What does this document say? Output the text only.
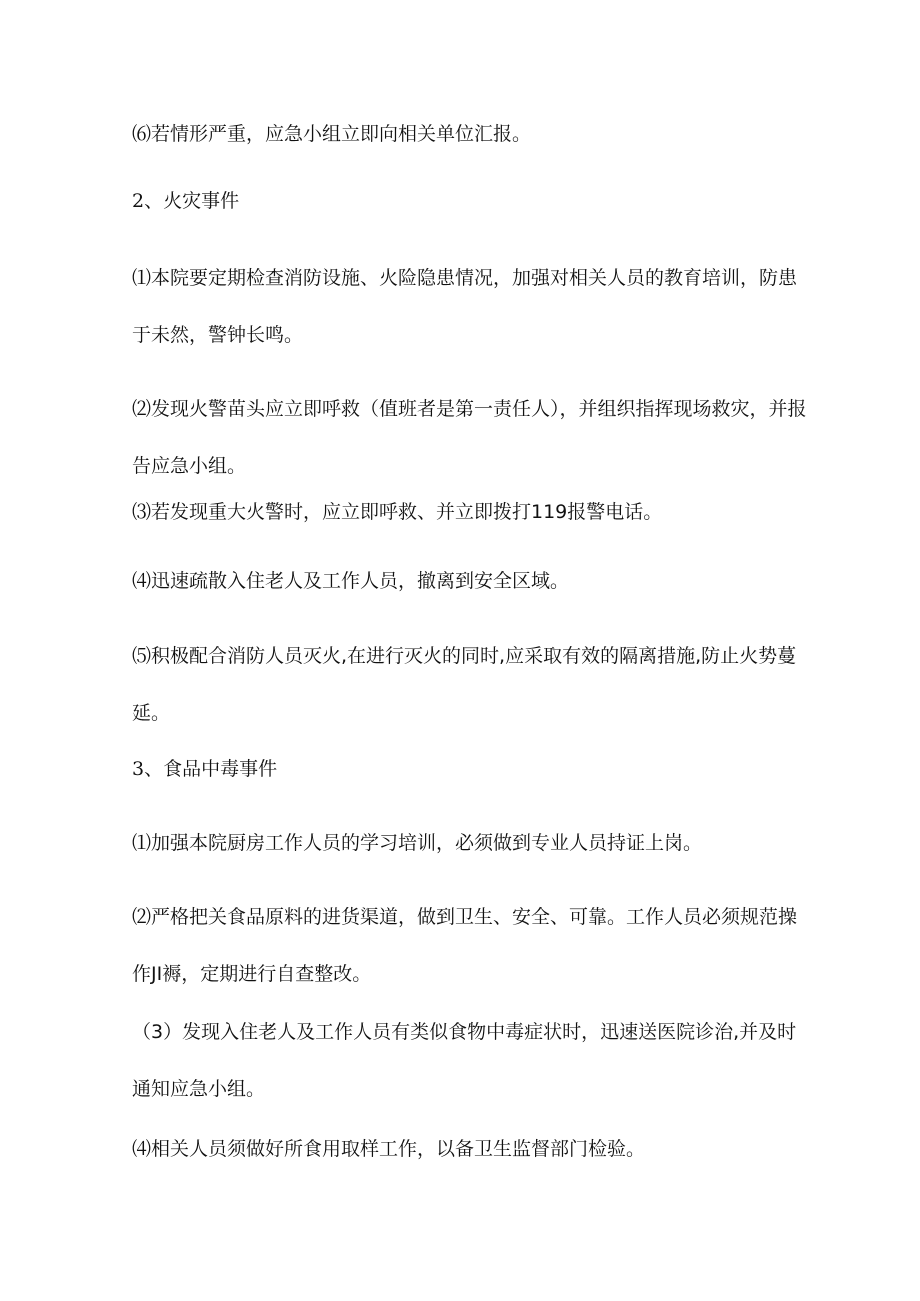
⑹若情形严重，应急小组立即向相关单位汇报。

2、火灾事件

⑴本院要定期检查消防设施、火险隐患情况，加强对相关人员的教育培训，防患于未然，警钟长鸣。

⑵发现火警苗头应立即呼救（值班者是第一责任人），并组织指挥现场救灾，并报告应急小组。

⑶若发现重大火警时，应立即呼救、并立即拨打119报警电话。

⑷迅速疏散入住老人及工作人员，撤离到安全区域。

⑸积极配合消防人员灭火,在进行灭火的同时,应采取有效的隔离措施,防止火势蔓延。

3、食品中毒事件

⑴加强本院厨房工作人员的学习培训，必须做到专业人员持证上岗。

⑵严格把关食品原料的进货渠道，做到卫生、安全、可靠。工作人员必须规范操作JI褥，定期进行自查整改。

（3）发现入住老人及工作人员有类似食物中毒症状时，迅速送医院诊治,并及时通知应急小组。

⑷相关人员须做好所食用取样工作，以备卫生监督部门检验。
